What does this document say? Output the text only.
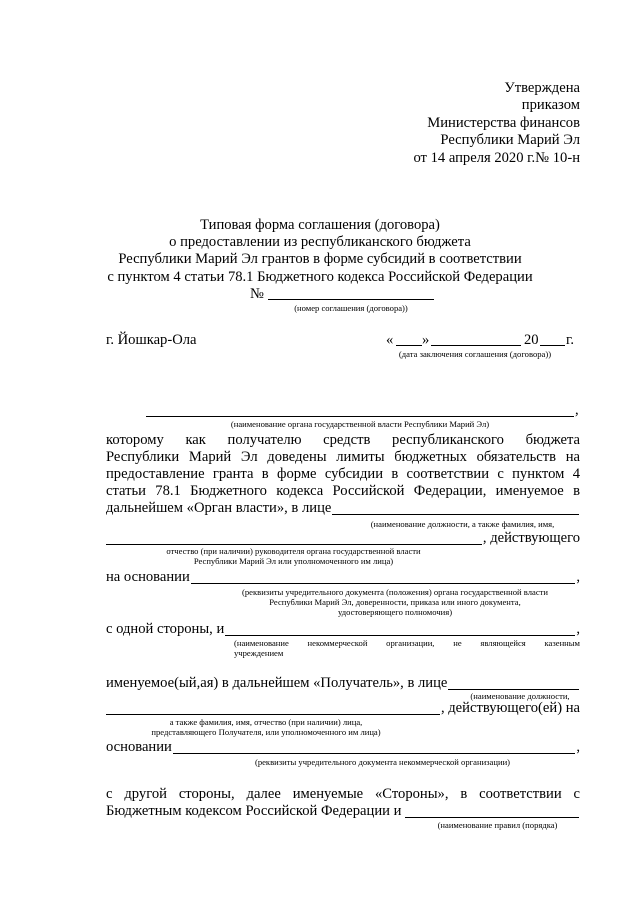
Утверждена
приказом
Министерства финансов
Республики Марий Эл
от 14 апреля 2020 г.№ 10-н
Типовая форма соглашения (договора)
о предоставлении из республиканского бюджета
Республики Марий Эл грантов в форме субсидий в соответствии
с пунктом 4 статьи 78.1 Бюджетного кодекса Российской Федерации
№
(номер соглашения (договора))
г. Йошкар-Ола	« »	20 г.
(дата заключения соглашения (договора))
,
(наименование органа государственной власти Республики Марий Эл)
которому как получателю средств республиканского бюджета
Республики Марий Эл доведены лимиты бюджетных обязательств на
предоставление гранта в форме субсидии в соответствии с пунктом 4
статьи 78.1 Бюджетного кодекса Российской Федерации, именуемое в
дальнейшем «Орган власти», в лице
(наименование должности, а также фамилия, имя,
, действующего
отчество (при наличии) руководителя органа государственной власти
Республики Марий Эл или уполномоченного им лица)
на основании	,
(реквизиты учредительного документа (положения) органа государственной власти
Республики Марий Эл, доверенности, приказа или иного документа,
удостоверяющего полномочия)
с одной стороны, и	,
(наименование некоммерческой организации, не являющейся казенным
учреждением
именуемое(ый,ая) в дальнейшем «Получатель», в лице
(наименование должности,
, действующего(ей) на
а также фамилия, имя, отчество (при наличии) лица,
представляющего Получателя, или уполномоченного им лица)
основании	,
(реквизиты учредительного документа некоммерческой организации)
с другой стороны, далее именуемые «Стороны», в соответствии с
Бюджетным кодексом Российской Федерации и
(наименование правил (порядка)
